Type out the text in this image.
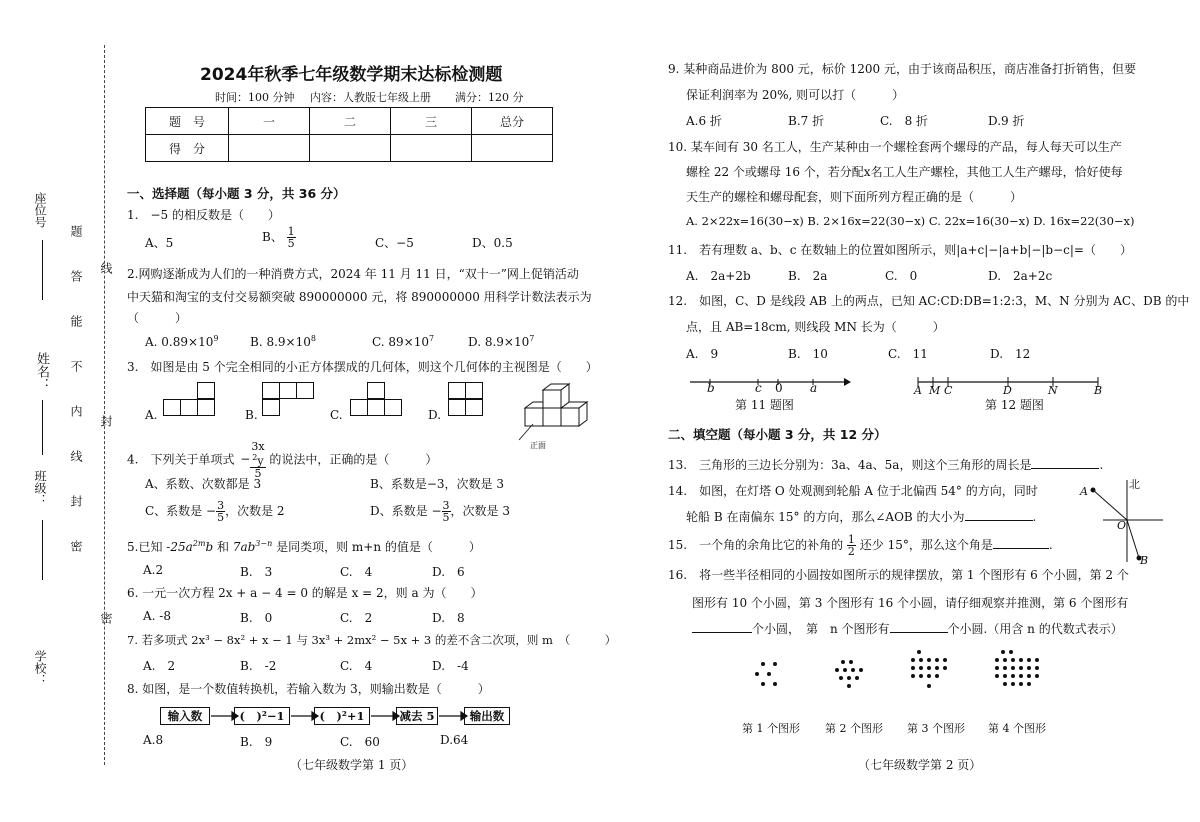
座位号
姓名：
班级：
学校：
题
答
能
不
内
线
封
密
线
封
密
2024年秋季七年级数学期末达标检测题
时间：100 分钟 内容：人教版七年级上册 满分：120 分
题　号	一	二	三	总分
得　分				
一、选择题（每小题 3 分，共 36 分）
1.　−5 的相反数是（　　）
A、5	B、 $\frac{1}{5}$	C、−5	D、0.5
2.网购逐渐成为人们的一种消费方式，2024 年 11 月 11 日，“双十一”网上促销活动
中天猫和淘宝的支付交易额突破 890000000 元，将 890000000 用科学计数法表示为
（　　　）
A. $0.89\times 10^9$	B. $8.9\times 10^8$	C. $89\times 10^7$	D. $8.9\times 10^7$
3.　如图是由 5 个完全相同的小正方体摆成的几何体，则这个几何体的主视图是（　　）
A.	B.	C.	D.
正面
4.　下列关于单项式 − 3x
$^2$y
5 的说法中，正确的是（　　　）
A、系数、次数都是 3	B、系数是−3，次数是 3
C、系数是 − $\frac{3}{5}$ ，次数是 2	D、系数是 − $\frac{3}{5}$ ，次数是 3
5.已知 $-25a^{2m}b$ 和 $7ab^{3-n}$ 是同类项，则 m+n 的值是（　　　）
A.2	B.　3	C.　4	D.　6
6. 一元一次方程 2x + a − 4 = 0 的解是 x = 2，则 a 为（　　）
A. -8	B.　0	C.　2	D.　8
7. 若多项式 2x³ − 8x² + x − 1 与 3x³ + 2mx² − 5x + 3 的差不含二次项，则 m　（　　　）
A.　2	B.　-2	C.　4	D.　-4
8. 如图，是一个数值转换机，若输入数为 3，则输出数是（　　　）
输入数	(　)²−1	(　)²+1	减去 5	输出数
A.8	B.　9	C.　60	D.64
（七年级数学第 1 页）
9. 某种商品进价为 800 元，标价 1200 元，由于该商品积压，商店准备打折销售，但要
保证利润率为 20%, 则可以打（　　　）
A.6 折	B.7 折	C.　8 折	D.9 折
10. 某车间有 30 名工人，生产某种由一个螺栓套两个螺母的产品，每人每天可以生产
螺栓 22 个或螺母 16 个，若分配x名工人生产螺栓，其他工人生产螺母，恰好使每
天生产的螺栓和螺母配套，则下面所列方程正确的是（　　　）
A. 2×22x=16(30−x) B. 2×16x=22(30−x) C. 22x=16(30−x) D. 16x=22(30−x)
11.　若有理数 a、b、c 在数轴上的位置如图所示，则|a+c|−|a+b|−|b−c|=（　　）
A.　2a+2b	B.　2a	C.　0	D.　2a+2c
12.　如图，C、D 是线段 AB 上的两点，已知 AC:CD:DB=1:2:3，M、N 分别为 AC、DB 的中
点，且 AB=18cm, 则线段 MN 长为（　　　）
A.　9	B.　10	C.　11	D.　12
b	c 0 a
第 11 题图
A M C	D	N	B
第 12 题图
二、填空题（每小题 3 分，共 12 分）
13.　三角形的三边长分别为：3a、4a、5a，则这个三角形的周长是	.
14.　如图，在灯塔 O 处观测到轮船 A 位于北偏西 54° 的方向，同时
轮船 B 在南偏东 15° 的方向，那么∠AOB 的大小为	.
北
A
O
B
15.　一个角的余角比它的补角的 $\frac{1}{2}$ 还少 15°，那么这个角是	.
16.　将一些半径相同的小圆按如图所示的规律摆放，第 1 个图形有 6 个小圆，第 2 个
图形有 10 个小圆，第 3 个图形有 16 个小圆，请仔细观察并推测，第 6 个图形有
个小圆，　第　n 个图形有	个小圆.（用含 n 的代数式表示）
第 1 个图形 第 2 个图形 第 3 个图形 第 4 个图形
（七年级数学第 2 页）
